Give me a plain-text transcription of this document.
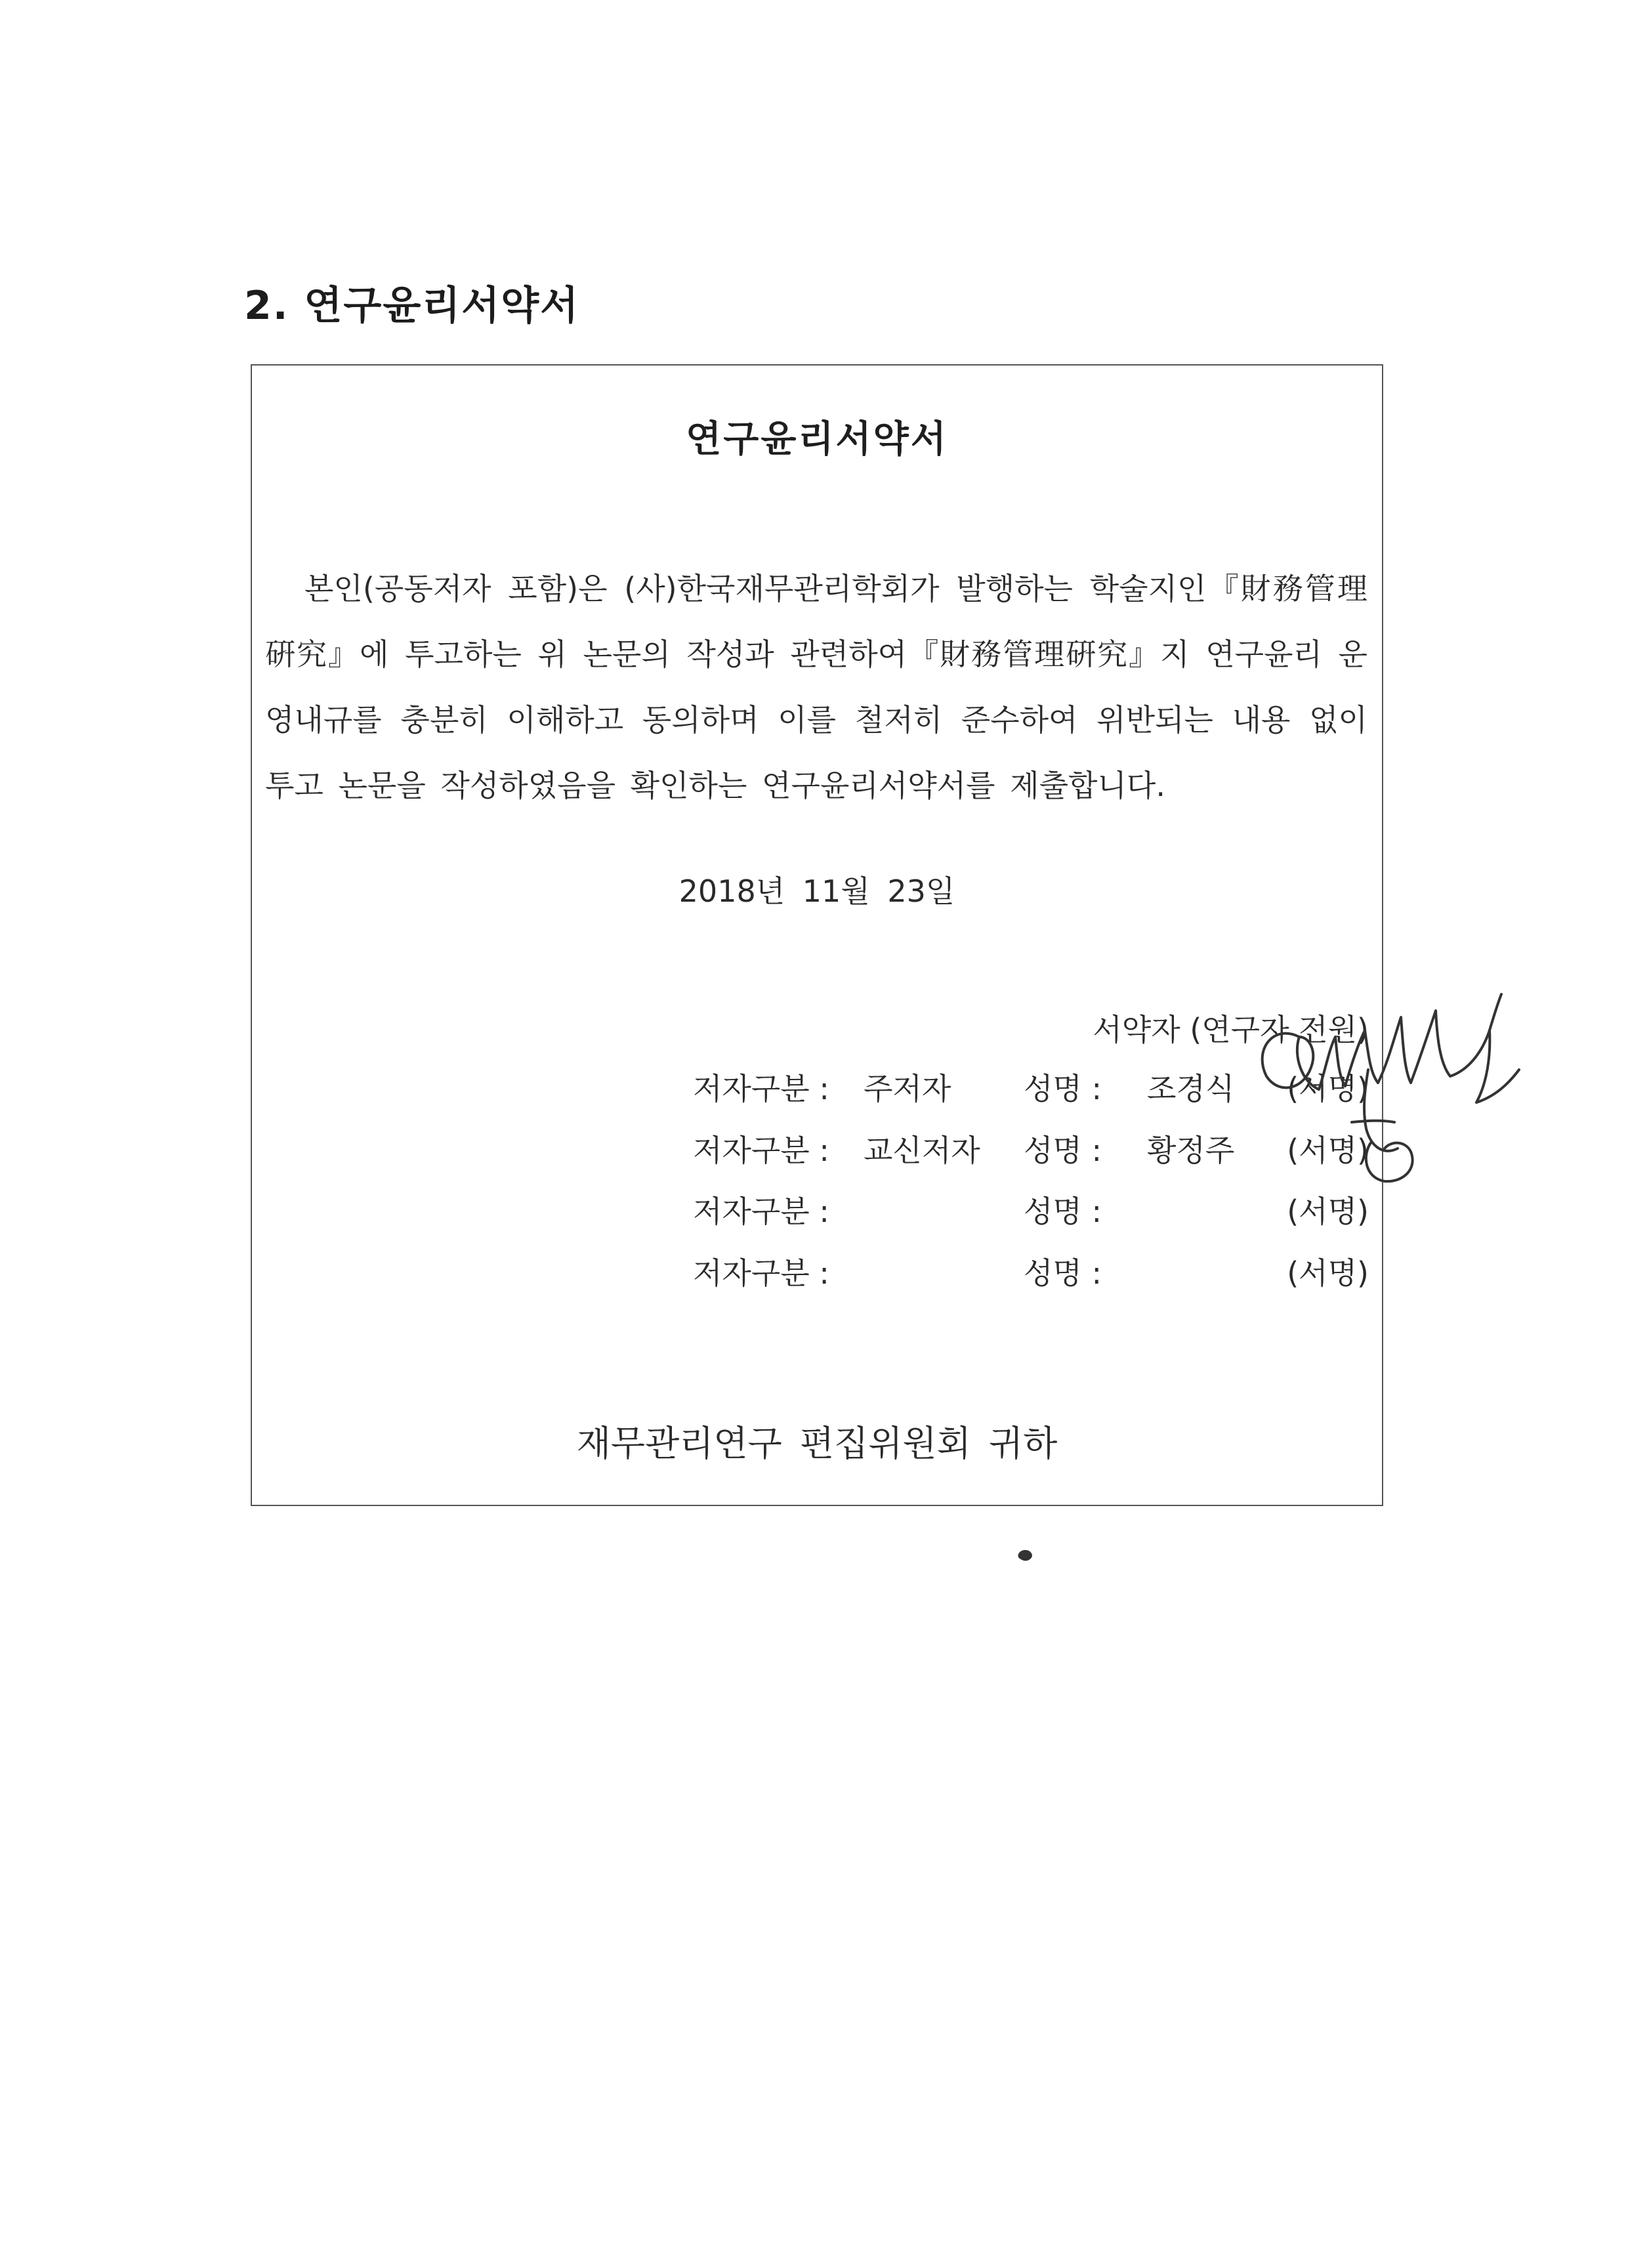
2. 연구윤리서약서
연구윤리서약서

본인(공동저자 포함)은 (사)한국재무관리학회가 발행하는 학술지인『財務管理硏究』에 투고하는 위 논문의 작성과 관련하여『財務管理硏究』지 연구윤리 운영내규를 충분히 이해하고 동의하며 이를 철저히 준수하여 위반되는 내용 없이 투고 논문을 작성하였음을 확인하는 연구윤리서약서를 제출합니다.

2018년 11월 23일
서약자 (연구자 전원)
저자구분 : 주저자 성명 : 조경식 (서명)
저자구분 : 교신저자 성명 : 황정주 (서명)
저자구분 :	성명 :	(서명)
저자구분 :	성명 :	(서명)
재무관리연구 편집위원회 귀하
